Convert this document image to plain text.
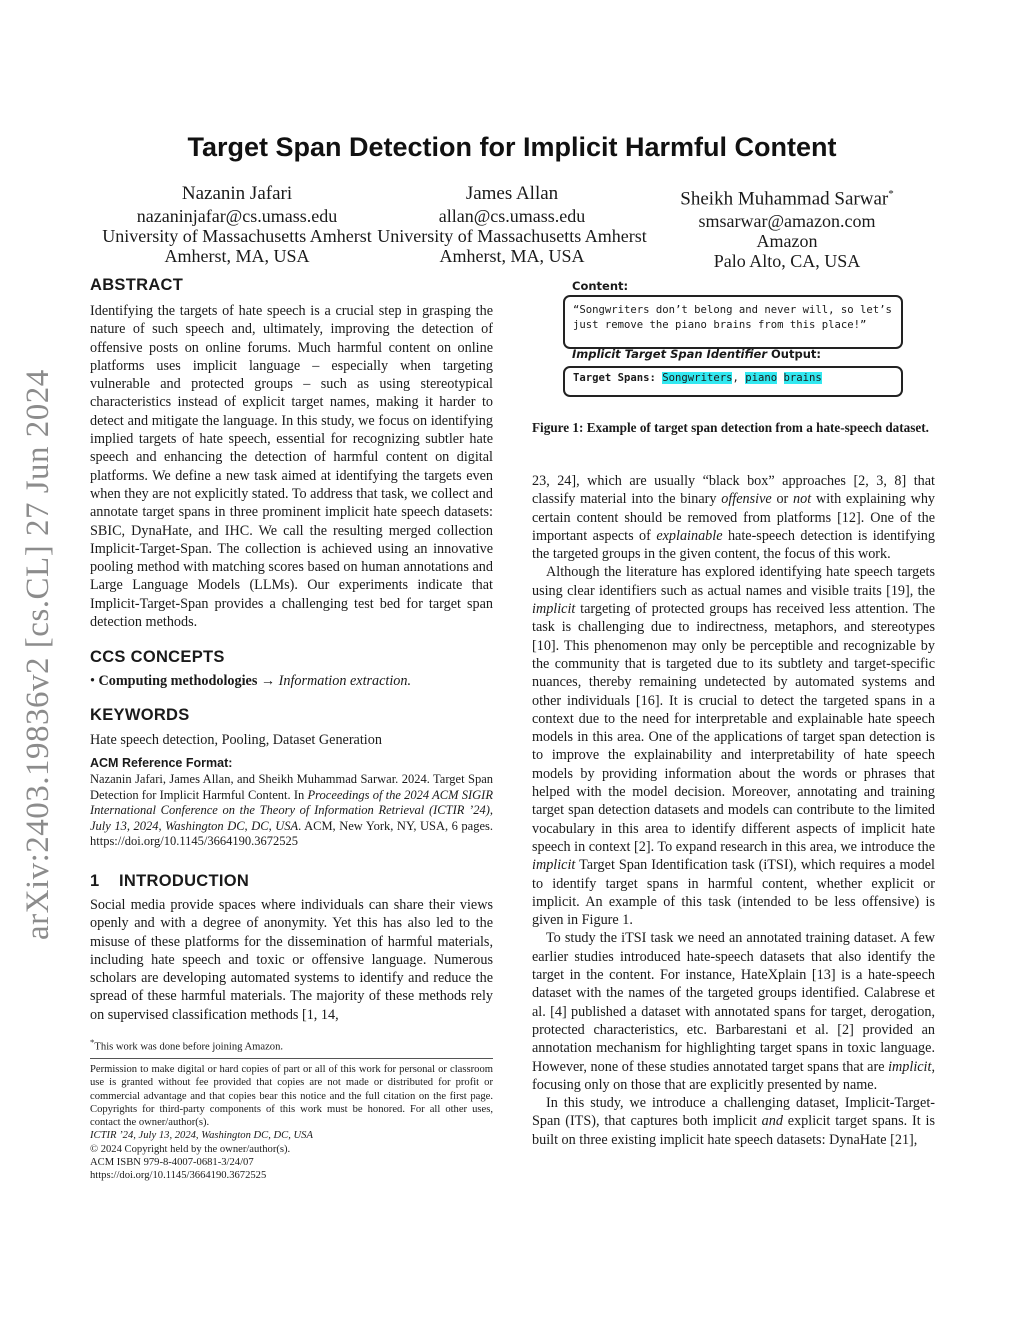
arXiv:2403.19836v2 [cs.CL] 27 Jun 2024
Target Span Detection for Implicit Harmful Content
Nazanin Jafari
nazaninjafar@cs.umass.edu
University of Massachusetts Amherst
Amherst, MA, USA
James Allan
allan@cs.umass.edu
University of Massachusetts Amherst
Amherst, MA, USA
Sheikh Muhammad Sarwar*
smsarwar@amazon.com
Amazon
Palo Alto, CA, USA
ABSTRACT

Identifying the targets of hate speech is a crucial step in grasping the nature of such speech and, ultimately, improving the detection of offensive posts on online forums. Much harmful content on online platforms uses implicit language – especially when targeting vulnerable and protected groups – such as using stereotypical characteristics instead of explicit target names, making it harder to detect and mitigate the language. In this study, we focus on identifying implied targets of hate speech, essential for recognizing subtler hate speech and enhancing the detection of harmful content on digital platforms. We define a new task aimed at identifying the targets even when they are not explicitly stated. To address that task, we collect and annotate target spans in three prominent implicit hate speech datasets: SBIC, DynaHate, and IHC. We call the resulting merged collection Implicit-Target-Span. The collection is achieved using an innovative pooling method with matching scores based on human annotations and Large Language Models (LLMs). Our experiments indicate that Implicit-Target-Span provides a challenging test bed for target span detection methods.

CCS CONCEPTS
• Computing methodologies → Information extraction.
KEYWORDS
Hate speech detection, Pooling, Dataset Generation
ACM Reference Format:
Nazanin Jafari, James Allan, and Sheikh Muhammad Sarwar. 2024. Target Span Detection for Implicit Harmful Content. In Proceedings of the 2024 ACM SIGIR International Conference on the Theory of Information Retrieval (ICTIR ’24), July 13, 2024, Washington DC, DC, USA. ACM, New York, NY, USA, 6 pages. https://doi.org/10.1145/3664190.3672525
1 INTRODUCTION

Social media provide spaces where individuals can share their views openly and with a degree of anonymity. Yet this has also led to the misuse of these platforms for the dissemination of harmful materials, including hate speech and toxic or offensive language. Numerous scholars are developing automated systems to identify and reduce the spread of these harmful materials. The majority of these methods rely on supervised classification methods [1, 14,

*This work was done before joining Amazon.
Permission to make digital or hard copies of part or all of this work for personal or classroom use is granted without fee provided that copies are not made or distributed for profit or commercial advantage and that copies bear this notice and the full citation on the first page. Copyrights for third-party components of this work must be honored. For all other uses, contact the owner/author(s).
ICTIR ’24, July 13, 2024, Washington DC, DC, USA
© 2024 Copyright held by the owner/author(s).
ACM ISBN 979-8-4007-0681-3/24/07
https://doi.org/10.1145/3664190.3672525
Content:
“Songwriters don’t belong and never will, so let’s just remove the piano brains from this place!”
Implicit Target Span Identifier Output:
Target Spans: Songwriters, piano brains
Figure 1: Example of target span detection from a hate-speech dataset.

23, 24], which are usually “black box” approaches [2, 3, 8] that classify material into the binary offensive or not with explaining why certain content should be removed from platforms [12]. One of the important aspects of explainable hate-speech detection is identifying the targeted groups in the given content, the focus of this work.

Although the literature has explored identifying hate speech targets using clear identifiers such as actual names and visible traits [19], the implicit targeting of protected groups has received less attention. The task is challenging due to indirectness, metaphors, and stereotypes [10]. This phenomenon may only be perceptible and recognizable by the community that is targeted due to its subtlety and target-specific nuances, thereby remaining undetected by automated systems and other individuals [16]. It is crucial to detect the targeted spans in a context due to the need for interpretable and explainable hate speech models in this area. One of the applications of target span detection is to improve the explainability and interpretability of hate speech models by providing information about the words or phrases that helped with the model decision. Moreover, annotating and training target span detection datasets and models can contribute to the limited vocabulary in this area to identify different aspects of implicit hate speech in context [2]. To expand research in this area, we introduce the implicit Target Span Identification task (iTSI), which requires a model to identify target spans in harmful content, whether explicit or implicit. An example of this task (intended to be less offensive) is given in Figure 1.

To study the iTSI task we need an annotated training dataset. A few earlier studies introduced hate-speech datasets that also identify the target in the content. For instance, HateXplain [13] is a hate-speech dataset with the names of the targeted groups identified. Calabrese et al. [4] published a dataset with annotated spans for target, derogation, protected characteristics, etc. Barbarestani et al. [2] provided an annotation mechanism for highlighting target spans in toxic language. However, none of these studies annotated target spans that are implicit, focusing only on those that are explicitly presented by name.

In this study, we introduce a challenging dataset, Implicit-Target-Span (ITS), that captures both implicit and explicit target spans. It is built on three existing implicit hate speech datasets: DynaHate [21],
